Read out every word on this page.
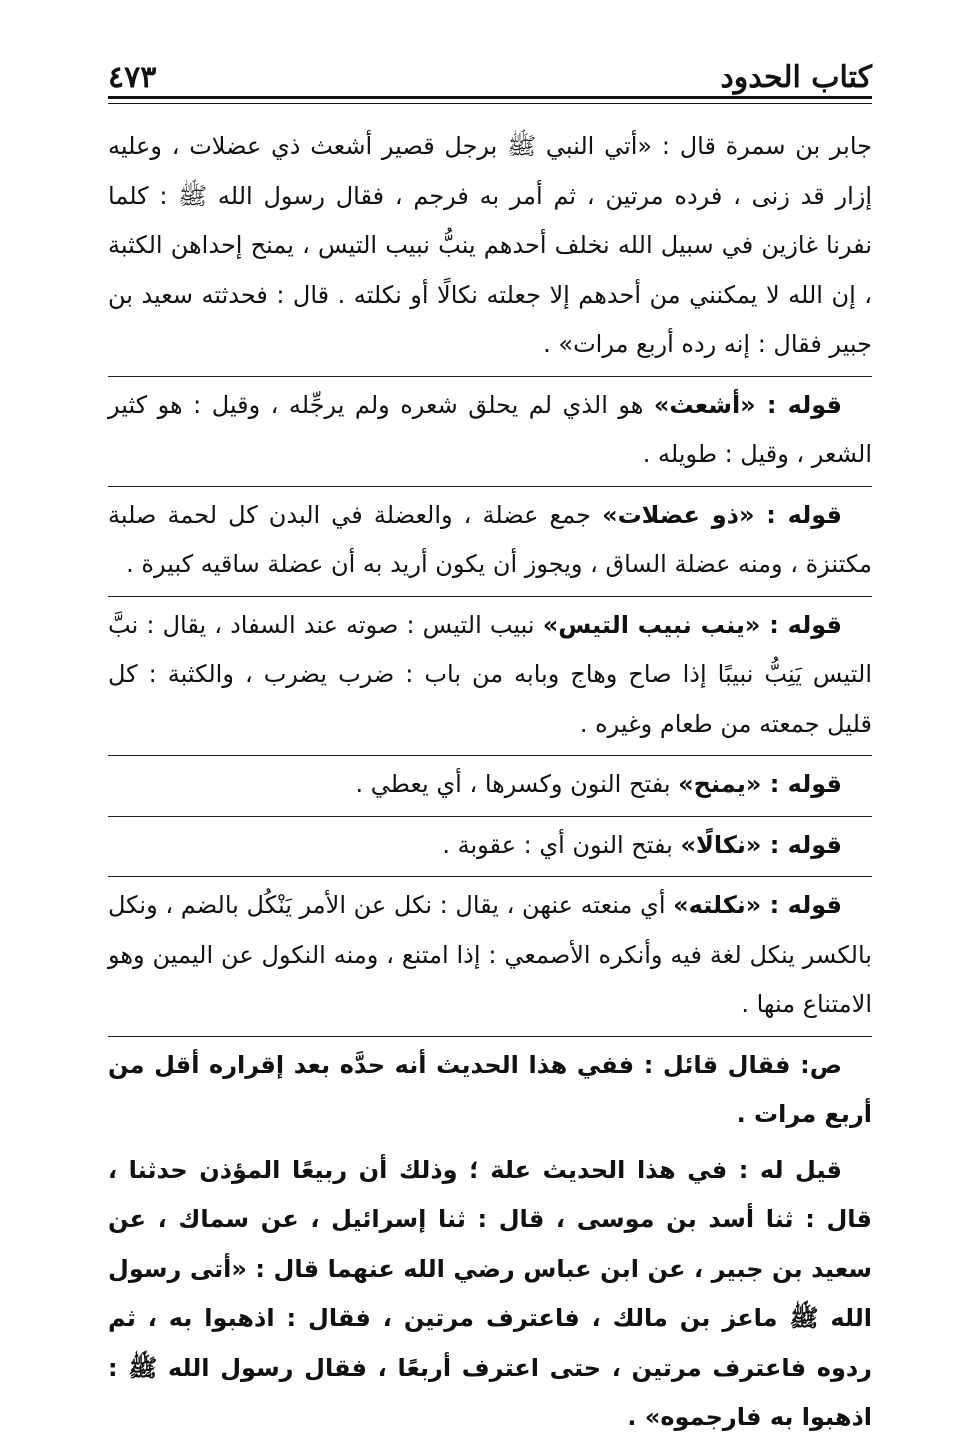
كتاب الحدود
٤٧٣

جابر بن سمرة قال : «أتي النبي ﷺ برجل قصير أشعث ذي عضلات ، وعليه إزار قد زنى ، فرده مرتين ، ثم أمر به فرجم ، فقال رسول الله ﷺ : كلما نفرنا غازين في سبيل الله نخلف أحدهم ينبُّ نبيب التيس ، يمنح إحداهن الكثبة ، إن الله لا يمكنني من أحدهم إلا جعلته نكالًا أو نكلته . قال : فحدثته سعيد بن جبير فقال : إنه رده أربع مرات» .

قوله : «أشعث» هو الذي لم يحلق شعره ولم يرجِّله ، وقيل : هو كثير الشعر ، وقيل : طويله .

قوله : «ذو عضلات» جمع عضلة ، والعضلة في البدن كل لحمة صلبة مكتنزة ، ومنه عضلة الساق ، ويجوز أن يكون أريد به أن عضلة ساقيه كبيرة .

قوله : «ينب نبيب التيس» نبيب التيس : صوته عند السفاد ، يقال : نبَّ التيس يَنِبُّ نبيبًا إذا صاح وهاج وبابه من باب : ضرب يضرب ، والكثبة : كل قليل جمعته من طعام وغيره .

قوله : «يمنح» بفتح النون وكسرها ، أي يعطي .

قوله : «نكالًا» بفتح النون أي : عقوبة .

قوله : «نكلته» أي منعته عنهن ، يقال : نكل عن الأمر يَنْكُل بالضم ، ونكل بالكسر ينكل لغة فيه وأنكره الأصمعي : إذا امتنع ، ومنه النكول عن اليمين وهو الامتناع منها .

ص: فقال قائل : ففي هذا الحديث أنه حدَّه بعد إقراره أقل من أربع مرات .

قيل له : في هذا الحديث علة ؛ وذلك أن ربيعًا المؤذن حدثنا ، قال : ثنا أسد بن موسى ، قال : ثنا إسرائيل ، عن سماك ، عن سعيد بن جبير ، عن ابن عباس رضي الله عنهما قال : «أتى رسول الله ﷺ ماعز بن مالك ، فاعترف مرتين ، فقال : اذهبوا به ، ثم ردوه فاعترف مرتين ، حتى اعترف أربعًا ، فقال رسول الله ﷺ : اذهبوا به فارجموه» .
